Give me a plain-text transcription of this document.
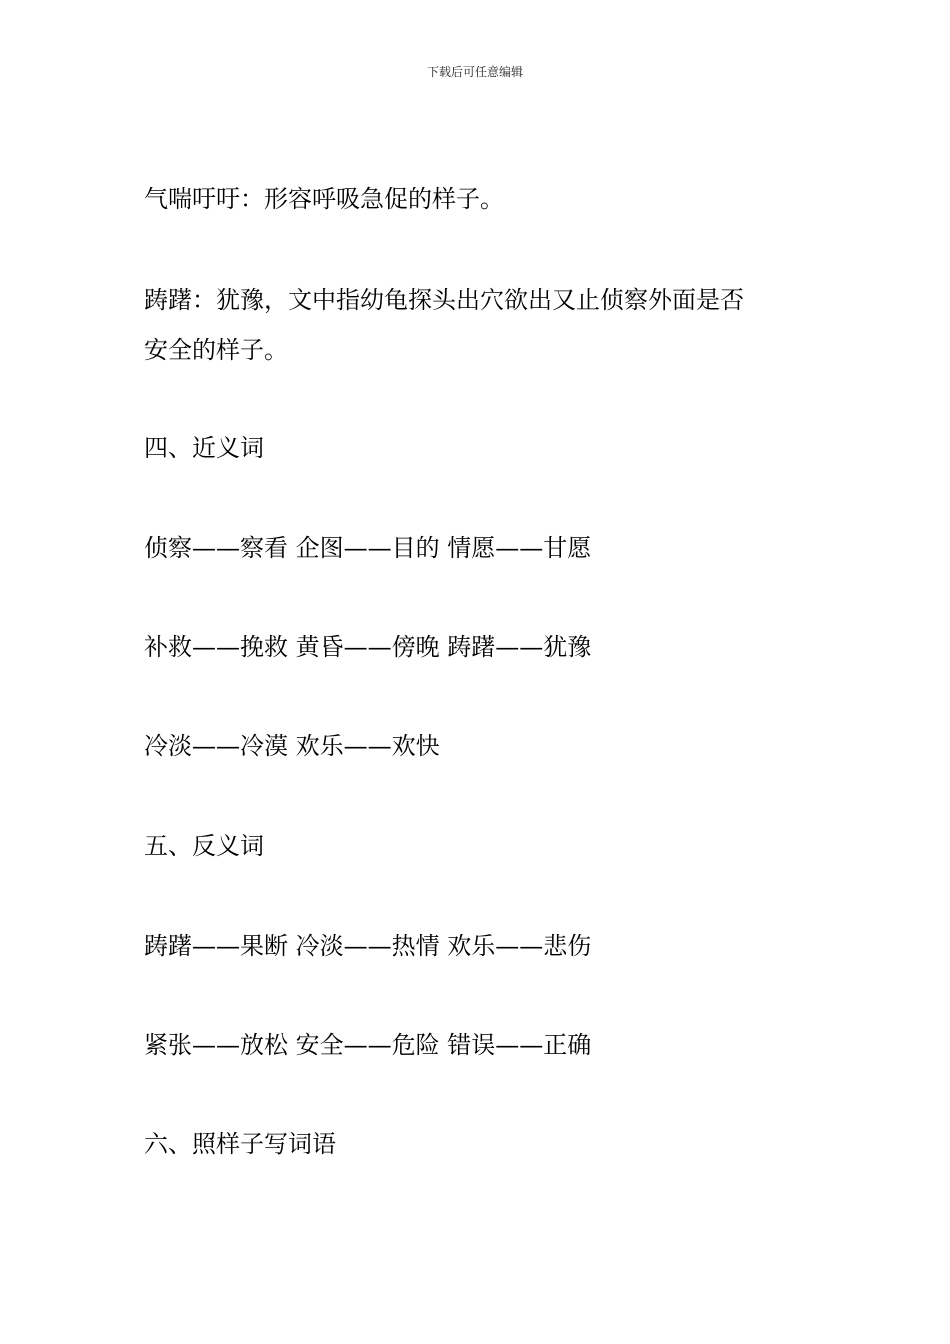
下载后可任意编辑
气喘吁吁：形容呼吸急促的样子。
踌躇：犹豫，文中指幼龟探头出穴欲出又止侦察外面是否
安全的样子。
四、近义词
侦察——察看 企图——目的 情愿——甘愿
补救——挽救 黄昏——傍晚 踌躇——犹豫
冷淡——冷漠 欢乐——欢快
五、反义词
踌躇——果断 冷淡——热情 欢乐——悲伤
紧张——放松 安全——危险 错误——正确
六、照样子写词语
